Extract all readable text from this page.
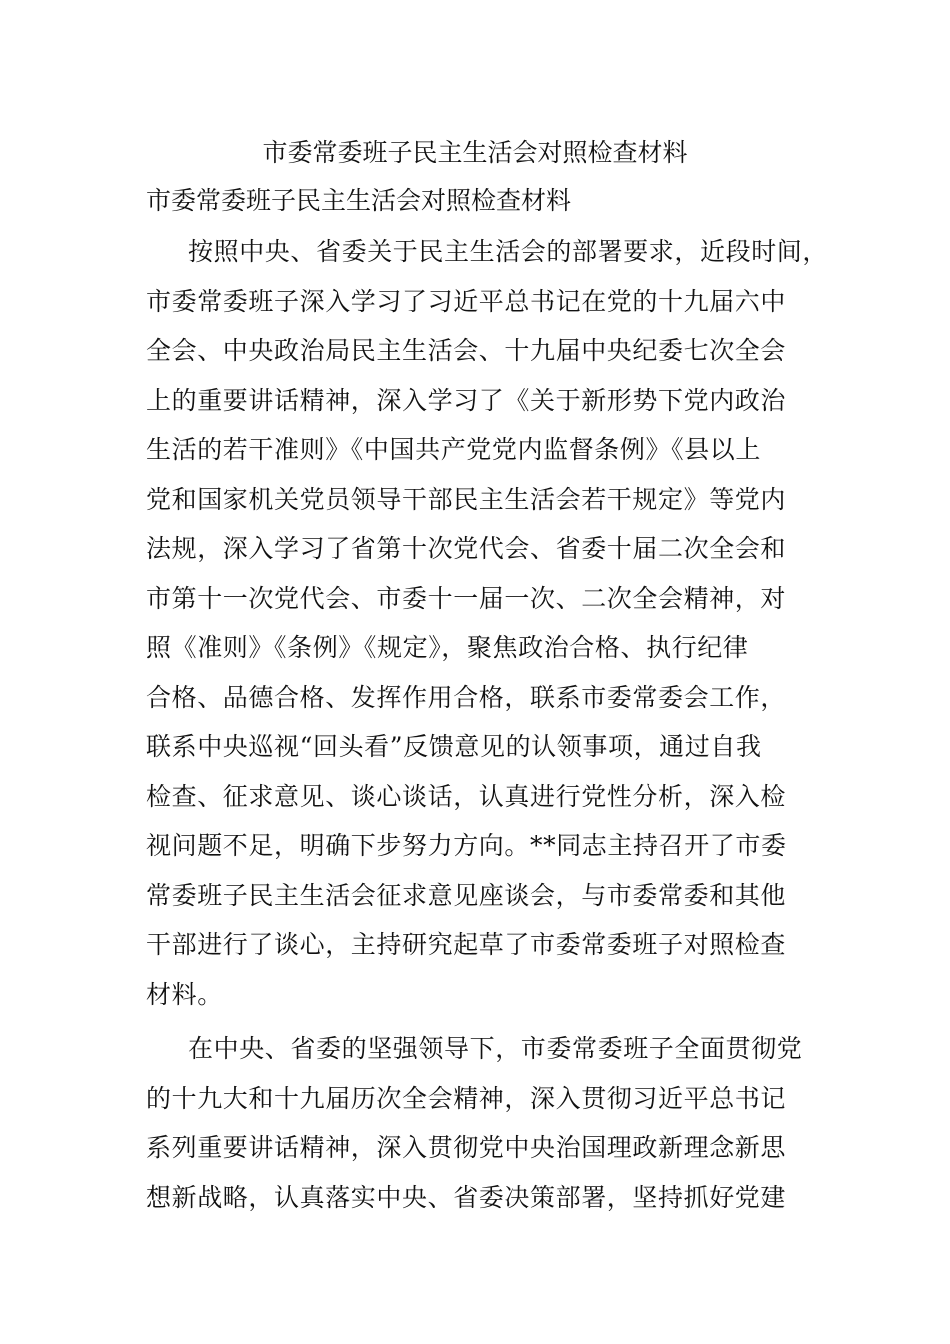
市委常委班子民主生活会对照检查材料
市委常委班子民主生活会对照检查材料
按照中央、省委关于民主生活会的部署要求，近段时间，
市委常委班子深入学习了习近平总书记在党的十九届六中
全会、中央政治局民主生活会、十九届中央纪委七次全会
上的重要讲话精神，深入学习了《关于新形势下党内政治
生活的若干准则》《中国共产党党内监督条例》《县以上
党和国家机关党员领导干部民主生活会若干规定》等党内
法规，深入学习了省第十次党代会、省委十届二次全会和
市第十一次党代会、市委十一届一次、二次全会精神，对
照《准则》《条例》《规定》，聚焦政治合格、执行纪律
合格、品德合格、发挥作用合格，联系市委常委会工作，
联系中央巡视“回头看”反馈意见的认领事项，通过自我
检查、征求意见、谈心谈话，认真进行党性分析，深入检
视问题不足，明确下步努力方向。**同志主持召开了市委
常委班子民主生活会征求意见座谈会，与市委常委和其他
干部进行了谈心，主持研究起草了市委常委班子对照检查
材料。
在中央、省委的坚强领导下，市委常委班子全面贯彻党
的十九大和十九届历次全会精神，深入贯彻习近平总书记
系列重要讲话精神，深入贯彻党中央治国理政新理念新思
想新战略，认真落实中央、省委决策部署，坚持抓好党建
